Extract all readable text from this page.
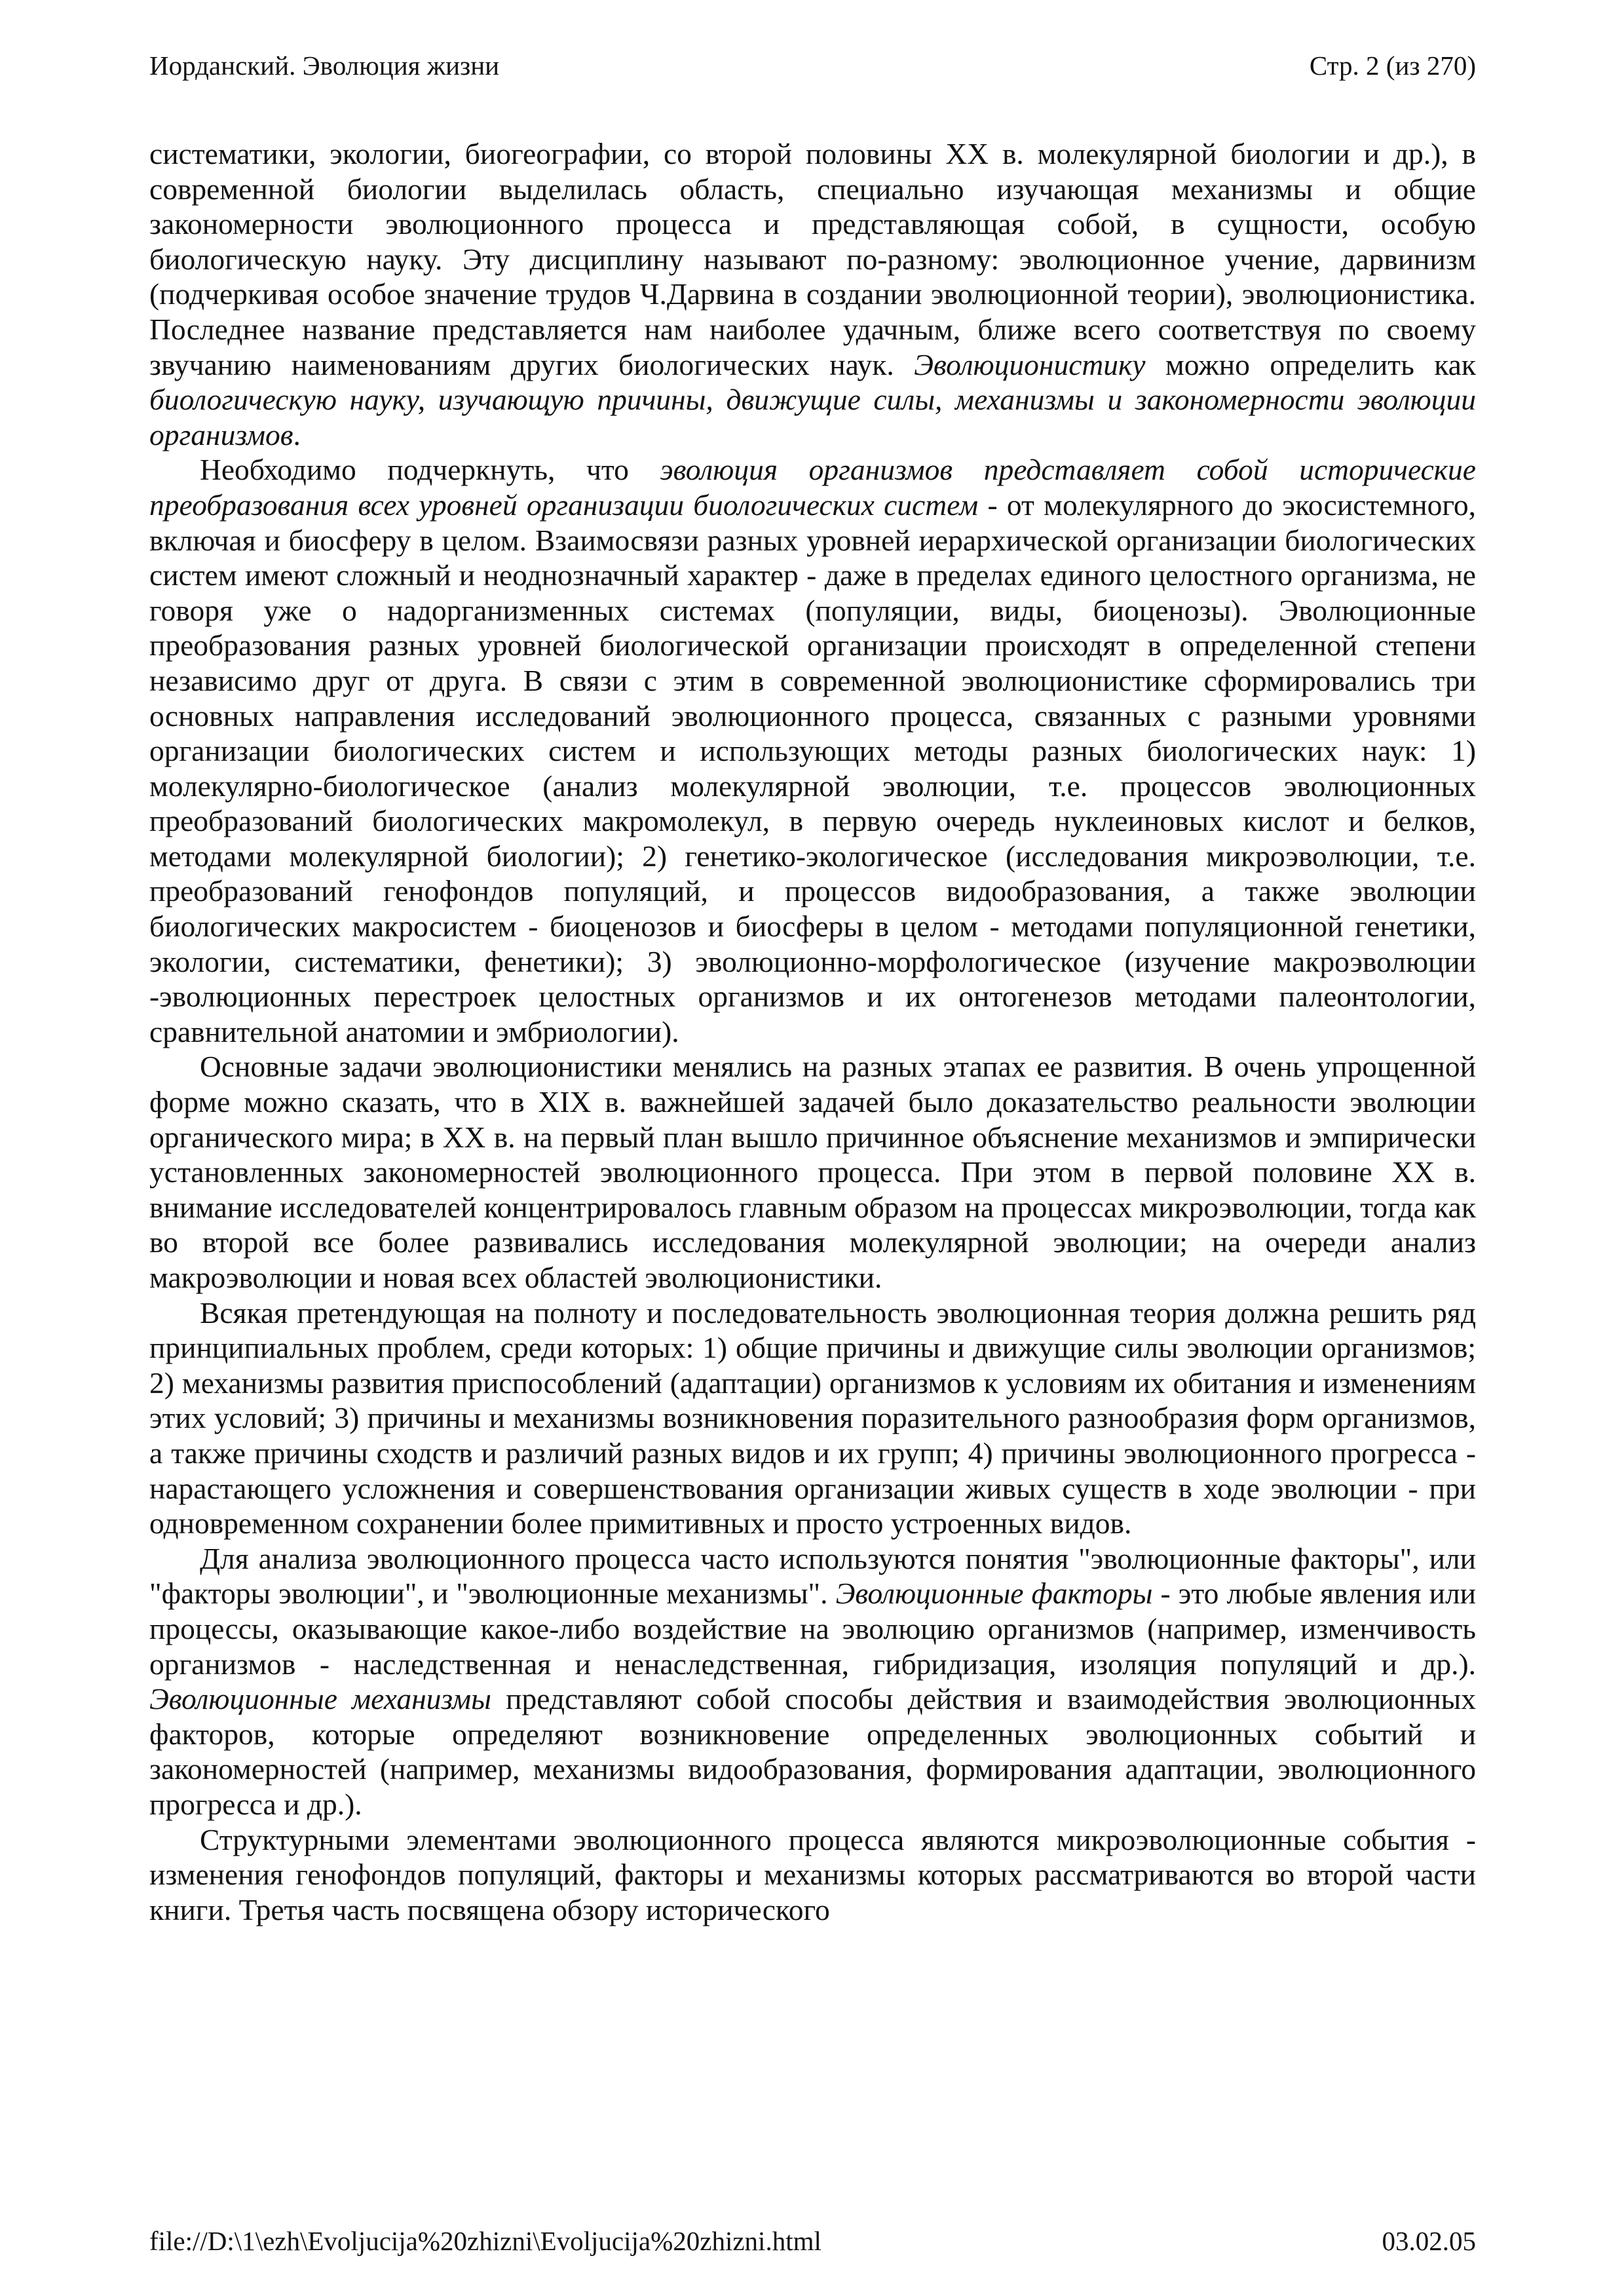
Иорданский. Эволюция жизни	Стр. 2 (из 270)

систематики, экологии, биогеографии, со второй половины XX в. молекулярной биологии и др.), в современной биологии выделилась область, специально изучающая механизмы и общие закономерности эволюционного процесса и представляющая собой, в сущности, особую биологическую науку. Эту дисциплину называют по-разному: эволюционное учение, дарвинизм (подчеркивая особое значение трудов Ч.Дарвина в создании эволюционной теории), эволюционистика. Последнее название представляется нам наиболее удачным, ближе всего соответствуя по своему звучанию наименованиям других биологических наук. Эволюционистику можно определить как биологическую науку, изучающую причины, движущие силы, механизмы и закономерности эволюции организмов.

Необходимо подчеркнуть, что эволюция организмов представляет собой исторические преобразования всех уровней организации биологических систем - от молекулярного до экосистемного, включая и биосферу в целом. Взаимосвязи разных уровней иерархической организации биологических систем имеют сложный и неоднозначный характер - даже в пределах единого целостного организма, не говоря уже о надорганизменных системах (популяции, виды, биоценозы). Эволюционные преобразования разных уровней биологической организации происходят в определенной степени независимо друг от друга. В связи с этим в современной эволюционистике сформировались три основных направления исследований эволюционного процесса, связанных с разными уровнями организации биологических систем и использующих методы разных биологических наук: 1) молекулярно-биологическое (анализ молекулярной эволюции, т.е. процессов эволюционных преобразований биологических макромолекул, в первую очередь нуклеиновых кислот и белков, методами молекулярной биологии); 2) генетико-экологическое (исследования микроэволюции, т.е. преобразований генофондов популяций, и процессов видообразования, а также эволюции биологических макросистем - биоценозов и биосферы в целом - методами популяционной генетики, экологии, систематики, фенетики); 3) эволюционно-морфологическое (изучение макроэволюции -эволюционных перестроек целостных организмов и их онтогенезов методами палеонтологии, сравнительной анатомии и эмбриологии).

Основные задачи эволюционистики менялись на разных этапах ее развития. В очень упрощенной форме можно сказать, что в XIX в. важнейшей задачей было доказательство реальности эволюции органического мира; в XX в. на первый план вышло причинное объяснение механизмов и эмпирически установленных закономерностей эволюционного процесса. При этом в первой половине XX в. внимание исследователей концентрировалось главным образом на процессах микроэволюции, тогда как во второй все более развивались исследования молекулярной эволюции; на очереди анализ макроэволюции и новая всех областей эволюционистики.

Всякая претендующая на полноту и последовательность эволюционная теория должна решить ряд принципиальных проблем, среди которых: 1) общие причины и движущие силы эволюции организмов; 2) механизмы развития приспособлений (адаптации) организмов к условиям их обитания и изменениям этих условий; 3) причины и механизмы возникновения поразительного разнообразия форм организмов, а также причины сходств и различий разных видов и их групп; 4) причины эволюционного прогресса - нарастающего усложнения и совершенствования организации живых существ в ходе эволюции - при одновременном сохранении более примитивных и просто устроенных видов.

Для анализа эволюционного процесса часто используются понятия "эволюционные факторы", или "факторы эволюции", и "эволюционные механизмы". Эволюционные факторы - это любые явления или процессы, оказывающие какое-либо воздействие на эволюцию организмов (например, изменчивость организмов - наследственная и ненаследственная, гибридизация, изоляция популяций и др.). Эволюционные механизмы представляют собой способы действия и взаимодействия эволюционных факторов, которые определяют возникновение определенных эволюционных событий и закономерностей (например, механизмы видообразования, формирования адаптации, эволюционного прогресса и др.).

Структурными элементами эволюционного процесса являются микроэволюционные события - изменения генофондов популяций, факторы и механизмы которых рассматриваются во второй части книги. Третья часть посвящена обзору исторического

file://D:\1\ezh\Evoljucija%20zhizni\Evoljucija%20zhizni.html	03.02.05
